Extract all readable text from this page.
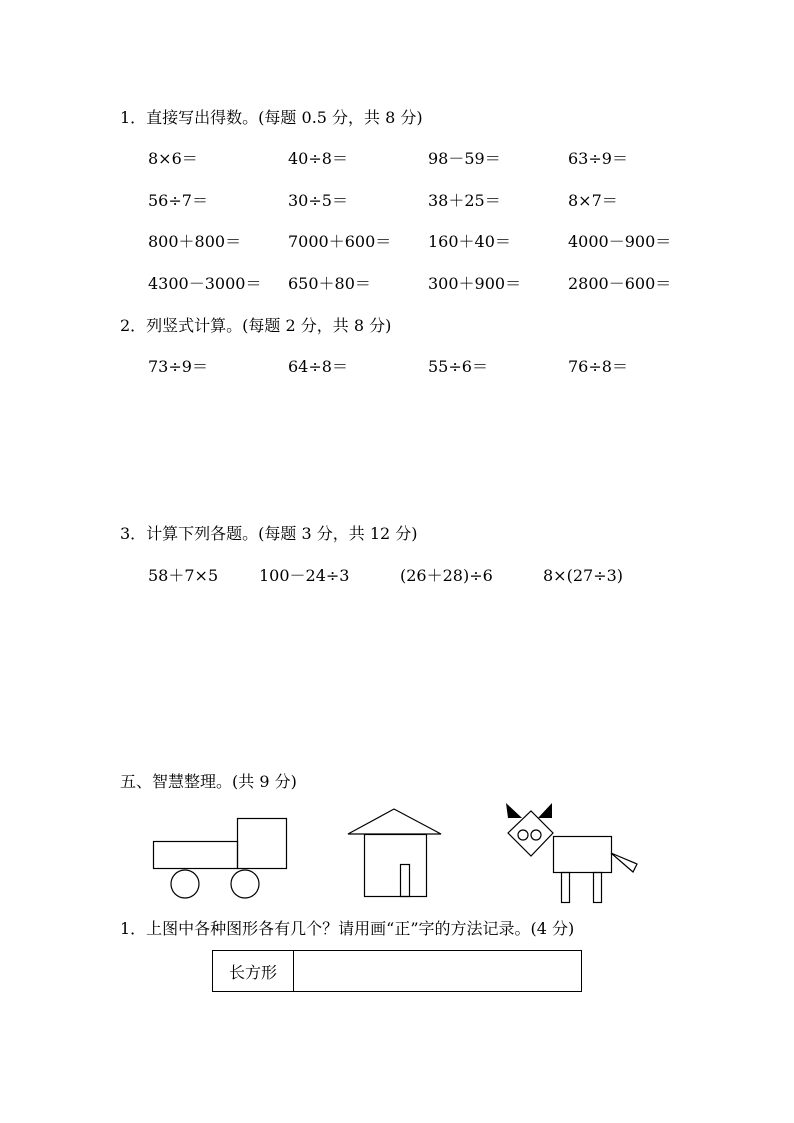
1．直接写出得数。(每题 0.5 分，共 8 分)
8×6＝	40÷8＝	98－59＝	63÷9＝
56÷7＝	30÷5＝	38＋25＝	8×7＝
800＋800＝	7000＋600＝ 160＋40＝	4000－900＝
4300－3000＝ 650＋80＝	300＋900＝	2800－600＝
2．列竖式计算。(每题 2 分，共 8 分)
73÷9＝	64÷8＝	55÷6＝	76÷8＝
3．计算下列各题。(每题 3 分，共 12 分)
58＋7×5	100－24÷3	(26＋28)÷6	8×(27÷3)
五、智慧整理。(共 9 分)
1．上图中各种图形各有几个？请用画“正”字的方法记录。(4 分)
长方形	
